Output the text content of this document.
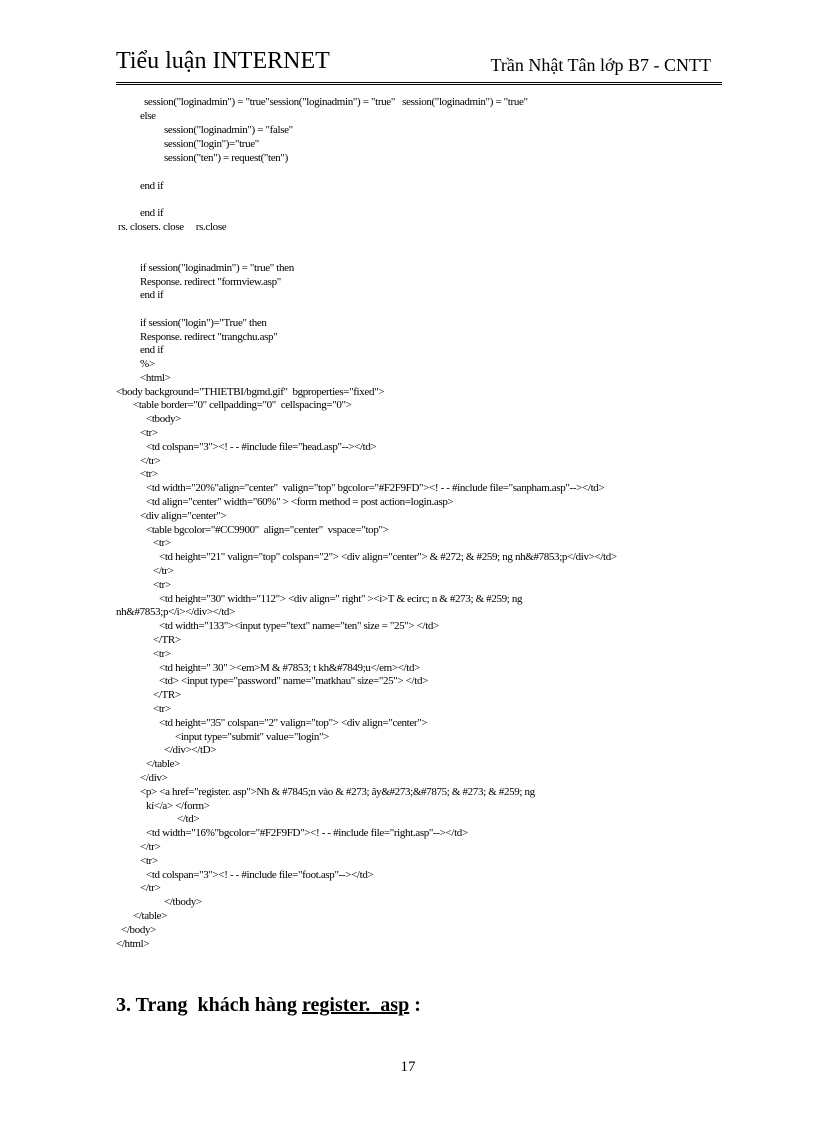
Tiểu luận INTERNET	Trần Nhật Tân lớp B7 - CNTT
session("loginadmin") = "true"session("loginadmin") = "true"   session("loginadmin") = "true"
else
session("loginadmin") = "false"
session("login")="true"
session("ten") = request("ten")
end if
end if
rs. closers. close     rs.close
if session("loginadmin") = "true" then
Response. redirect "formview.asp"
end if
if session("login")="True" then
Response. redirect "trangchu.asp"
end if
%>
<html>
<body background="THIETBI/bgmd.gif"  bgproperties="fixed">
<table border="0" cellpadding="0"  cellspacing="0">
<tbody>
<tr>
<td colspan="3"><! - - #include file="head.asp"--></td>
</tr>
<tr>
<td width="20%"align="center"  valign="top" bgcolor="#F2F9FD"><! - - #include file="sanpham.asp"--></td>
<td align="center" width="60%" > <form method = post action=login.asp>
<div align="center">
<table bgcolor="#CC9900"  align="center"  vspace="top">
<tr>
<td height="21" valign="top" colspan="2"> <div align="center"> & #272; & #259; ng nh&#7853;p</div></td>
</tr>
<tr>
<td height="30" width="112"> <div align=" right" ><i>T & ecirc; n & #273; & #259; ng
nh&#7853;p</i></div></td>
<td width="133"><input type="text" name="ten" size = "25"> </td>
</TR>
<tr>
<td height=" 30" ><em>M & #7853; t kh&#7849;u</em></td>
<td> <input type="password" name="matkhau" size="25"> </td>
</TR>
<tr>
<td height="35" colspan="2" valign="top"> <div align="center">
<input type="submit" value="login">
</div></tD>
</table>
</div>
<p> <a href="register. asp">Nh & #7845;n vào & #273; ây&#273;&#7875; & #273; & #259; ng
kí</a> </form>
</td>
<td width="16%"bgcolor="#F2F9FD"><! - - #include file="right.asp"--></td>
</tr>
<tr>
<td colspan="3"><! - - #include file="foot.asp"--></td>
</tr>
</tbody>
</table>
</body>
</html>
3. Trang  khách hàng register.  asp :
17
